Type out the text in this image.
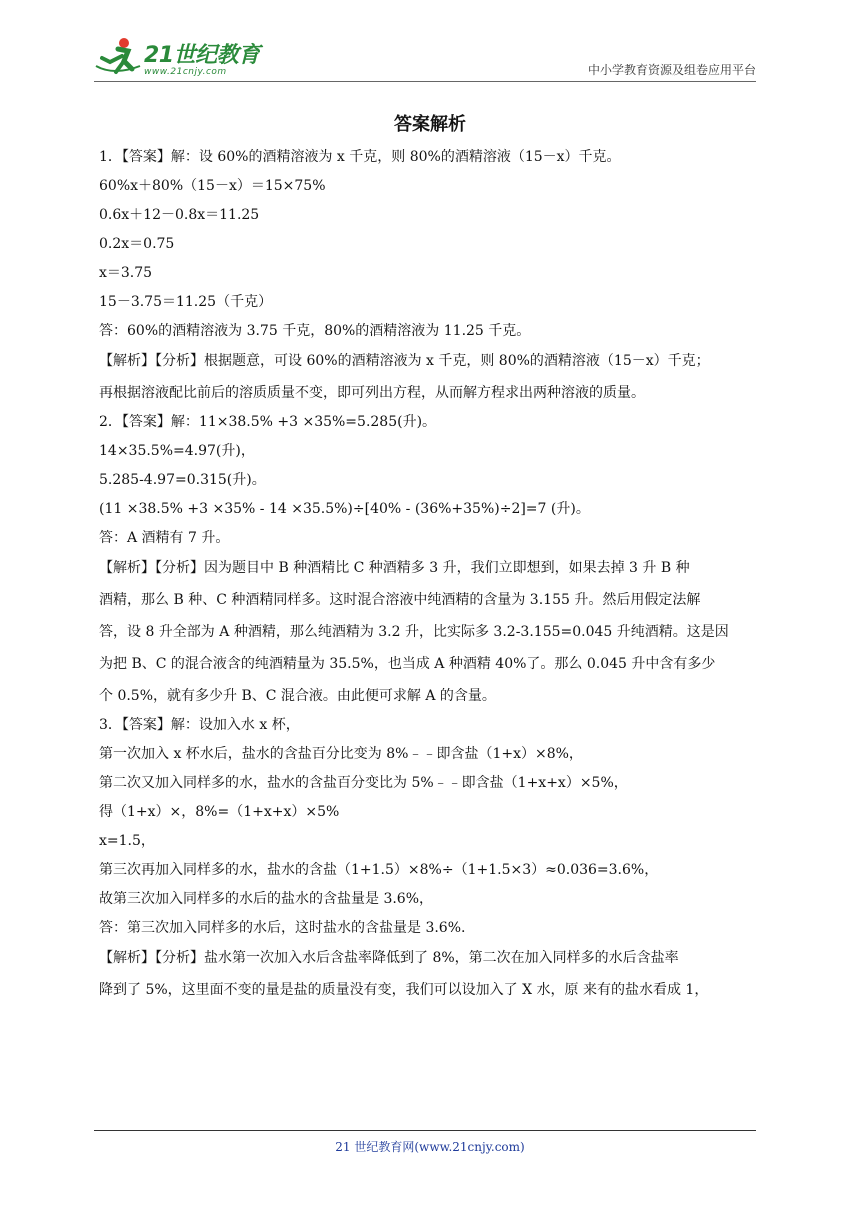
21世纪教育
www.21cnjy.com	中小学教育资源及组卷应用平台
答案解析
1．【答案】解：设 60%的酒精溶液为 x 千克，则 80%的酒精溶液（15－x）千克。
60%x＋80%（15－x）＝15×75%
0.6x＋12－0.8x＝11.25
0.2x＝0.75
x＝3.75
15－3.75＝11.25（千克）
答：60%的酒精溶液为 3.75 千克，80%的酒精溶液为 11.25 千克。
【解析】【分析】根据题意，可设 60%的酒精溶液为 x 千克，则 80%的酒精溶液（15－x）千克；
再根据溶液配比前后的溶质质量不变，即可列出方程，从而解方程求出两种溶液的质量。
2．【答案】解：11×38.5% +3 ×35%=5.285(升)。
14×35.5%=4.97(升)，
5.285-4.97=0.315(升)。
(11 ×38.5% +3 ×35% - 14 ×35.5%)÷[40% - (36%+35%)÷2]=7 (升)。
答：A 酒精有 7 升。
【解析】【分析】因为题目中 B 种酒精比 C 种酒精多 3 升，我们立即想到，如果去掉 3 升 B 种
酒精，那么 B 种、C 种酒精同样多。这时混合溶液中纯酒精的含量为 3.155 升。然后用假定法解
答，设 8 升全部为 A 种酒精，那么纯酒精为 3.2 升，比实际多 3.2-3.155=0.045 升纯酒精。这是因
为把 B、C 的混合液含的纯酒精量为 35.5%，也当成 A 种酒精 40%了。那么 0.045 升中含有多少
个 0.5%，就有多少升 B、C 混合液。由此便可求解 A 的含量。
3．【答案】解：设加入水 x 杯，
第一次加入 x 杯水后，盐水的含盐百分比变为 8%﹣﹣即含盐（1+x）×8%，
第二次又加入同样多的水，盐水的含盐百分变比为 5%﹣﹣即含盐（1+x+x）×5%，
得（1+x）×，8%=（1+x+x）×5%
x=1.5，
第三次再加入同样多的水，盐水的含盐（1+1.5）×8%÷（1+1.5×3）≈0.036=3.6%，
故第三次加入同样多的水后的盐水的含盐量是 3.6%，
答：第三次加入同样多的水后，这时盐水的含盐量是 3.6%.
【解析】【分析】盐水第一次加入水后含盐率降低到了 8%，第二次在加入同样多的水后含盐率
降到了 5%，这里面不变的量是盐的质量没有变，我们可以设加入了 X 水，原 来有的盐水看成 1，
21 世纪教育网(www.21cnjy.com)
